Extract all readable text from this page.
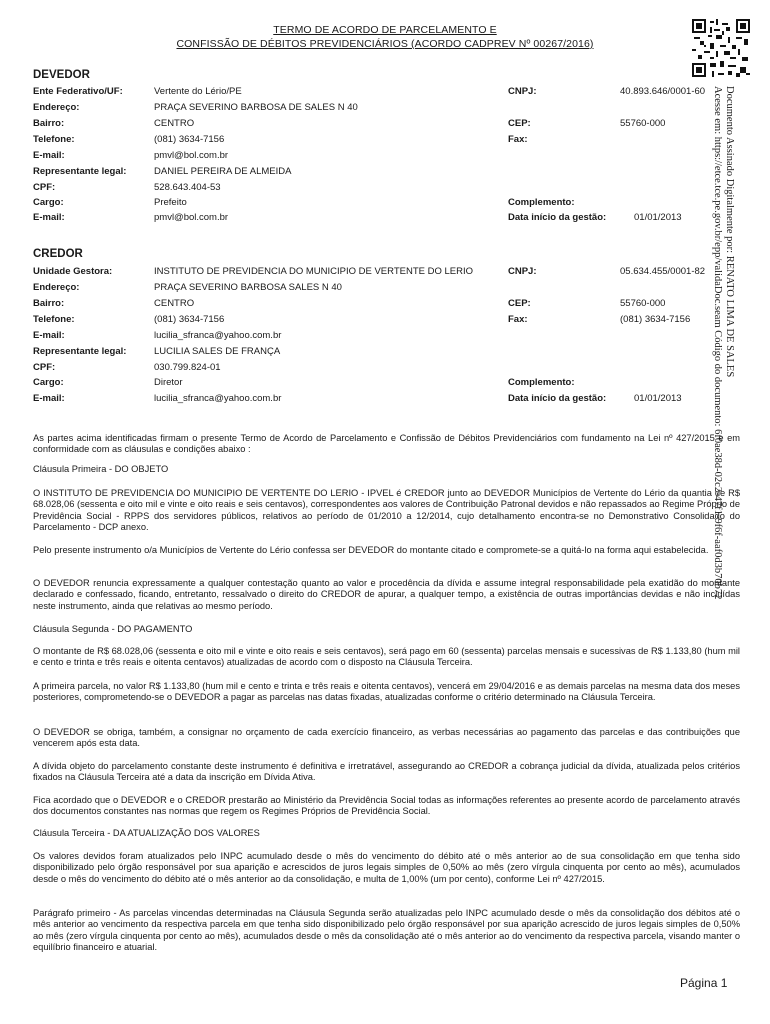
TERMO DE ACORDO DE PARCELAMENTO E
CONFISSÃO DE DÉBITOS PREVIDENCIÁRIOS (ACORDO CADPREV Nº 00267/2016)
DEVEDOR
Ente Federativo/UF:	Vertente do Lério/PE	CNPJ:	40.893.646/0001-60
Endereço:	PRAÇA SEVERINO BARBOSA DE SALES N 40
Bairro:	CENTRO	CEP:	55760-000
Telefone:	(081) 3634-7156	Fax:
E-mail:	pmvl@bol.com.br
Representante legal:	DANIEL PEREIRA DE ALMEIDA
CPF:	528.643.404-53
Cargo:	Prefeito	Complemento:
E-mail:	pmvl@bol.com.br	Data início da gestão:	01/01/2013
CREDOR
Unidade Gestora:	INSTITUTO DE PREVIDENCIA DO MUNICIPIO DE VERTENTE DO LERIO	CNPJ:	05.634.455/0001-82
Endereço:	PRAÇA SEVERINO BARBOSA SALES N 40
Bairro:	CENTRO	CEP:	55760-000
Telefone:	(081) 3634-7156	Fax:	(081) 3634-7156
E-mail:	lucilia_sfranca@yahoo.com.br
Representante legal:	LUCILIA SALES DE FRANÇA
CPF:	030.799.824-01
Cargo:	Diretor	Complemento:
E-mail:	lucilia_sfranca@yahoo.com.br	Data início da gestão:	01/01/2013
As partes acima identificadas firmam o presente Termo de Acordo de Parcelamento e Confissão de Débitos Previdenciários com fundamento na Lei nº 427/2015 e em conformidade com as cláusulas e condições abaixo :
Cláusula Primeira - DO OBJETO
O INSTITUTO DE PREVIDENCIA DO MUNICIPIO DE VERTENTE DO LERIO - IPVEL é CREDOR junto ao DEVEDOR Municípios de Vertente do Lério da quantia de R$ 68.028,06 (sessenta e oito mil e vinte e oito reais e seis centavos), correspondentes aos valores de Contribuição Patronal devidos e não repassados ao Regime Próprio de Previdência Social - RPPS dos servidores públicos, relativos ao período de 01/2010 a 12/2014, cujo detalhamento encontra-se no Demonstrativo Consolidado do Parcelamento - DCP anexo.
Pelo presente instrumento o/a Municípios de Vertente do Lério confessa ser DEVEDOR do montante citado e compromete-se a quitá-lo na forma aqui estabelecida.
O DEVEDOR renuncia expressamente a qualquer contestação quanto ao valor e procedência da dívida e assume integral responsabilidade pela exatidão do montante declarado e confessado, ficando, entretanto, ressalvado o direito do CREDOR de apurar, a qualquer tempo, a existência de outras importâncias devidas e não incluídas neste instrumento, ainda que relativas ao mesmo período.
Cláusula Segunda - DO PAGAMENTO
O montante de R$ 68.028,06 (sessenta e oito mil e vinte e oito reais e seis centavos), será pago em 60 (sessenta) parcelas mensais e sucessivas de R$ 1.133,80 (hum mil e cento e trinta e três reais e oitenta centavos) atualizadas de acordo com o disposto na Cláusula Terceira.
A primeira parcela, no valor R$ 1.133,80 (hum mil e cento e trinta e três reais e oitenta centavos), vencerá em 29/04/2016 e as demais parcelas na mesma data dos meses posteriores, comprometendo-se o DEVEDOR a pagar as parcelas nas datas fixadas, atualizadas conforme o critério determinado na Cláusula Terceira.
O DEVEDOR se obriga, também, a consignar no orçamento de cada exercício financeiro, as verbas necessárias ao pagamento das parcelas e das contribuições que vencerem após esta data.
A dívida objeto do parcelamento constante deste instrumento é definitiva e irretratável, assegurando ao CREDOR a cobrança judicial da dívida, atualizada pelos critérios fixados na Cláusula Terceira até a data da inscrição em Dívida Ativa.
Fica acordado que o DEVEDOR e o CREDOR prestarão ao Ministério da Previdência Social todas as informações referentes ao presente acordo de parcelamento através dos documentos constantes nas normas que regem os Regimes Próprios de Previdência Social.
Cláusula Terceira - DA ATUALIZAÇÃO DOS VALORES
Os valores devidos foram atualizados pelo INPC acumulado desde o mês do vencimento do débito até o mês anterior ao de sua consolidação em que tenha sido disponibilizado pelo órgão responsável por sua aparição e acrescidos de juros legais simples de 0,50% ao mês (zero vírgula cinquenta por cento ao mês), acumulados desde o mês do vencimento do débito até o mês anterior ao da consolidação, e multa de 1,00% (um por cento), conforme Lei nº 427/2015.
Parágrafo primeiro - As parcelas vincendas determinadas na Cláusula Segunda serão atualizadas pelo INPC acumulado desde o mês da consolidação dos débitos até o mês anterior ao vencimento da respectiva parcela em que tenha sido disponibilizado pelo órgão responsável por sua aparição acrescido de juros legais simples de 0,50% ao mês (zero vírgula cinquenta por cento ao mês), acumulados desde o mês da consolidação até o mês anterior ao do vencimento da respectiva parcela, visando manter o equilíbrio financeiro e atuarial.
Documento Assinado Digitalmente por: RENATO LIMA DE SALES
Acesse em: https://etce.tce.pe.gov.br/epp/validaDoc.seam Código do documento: 6f0ae38d-02c2-47f1-9f6f-aaf0d3b70b72
Página 1
